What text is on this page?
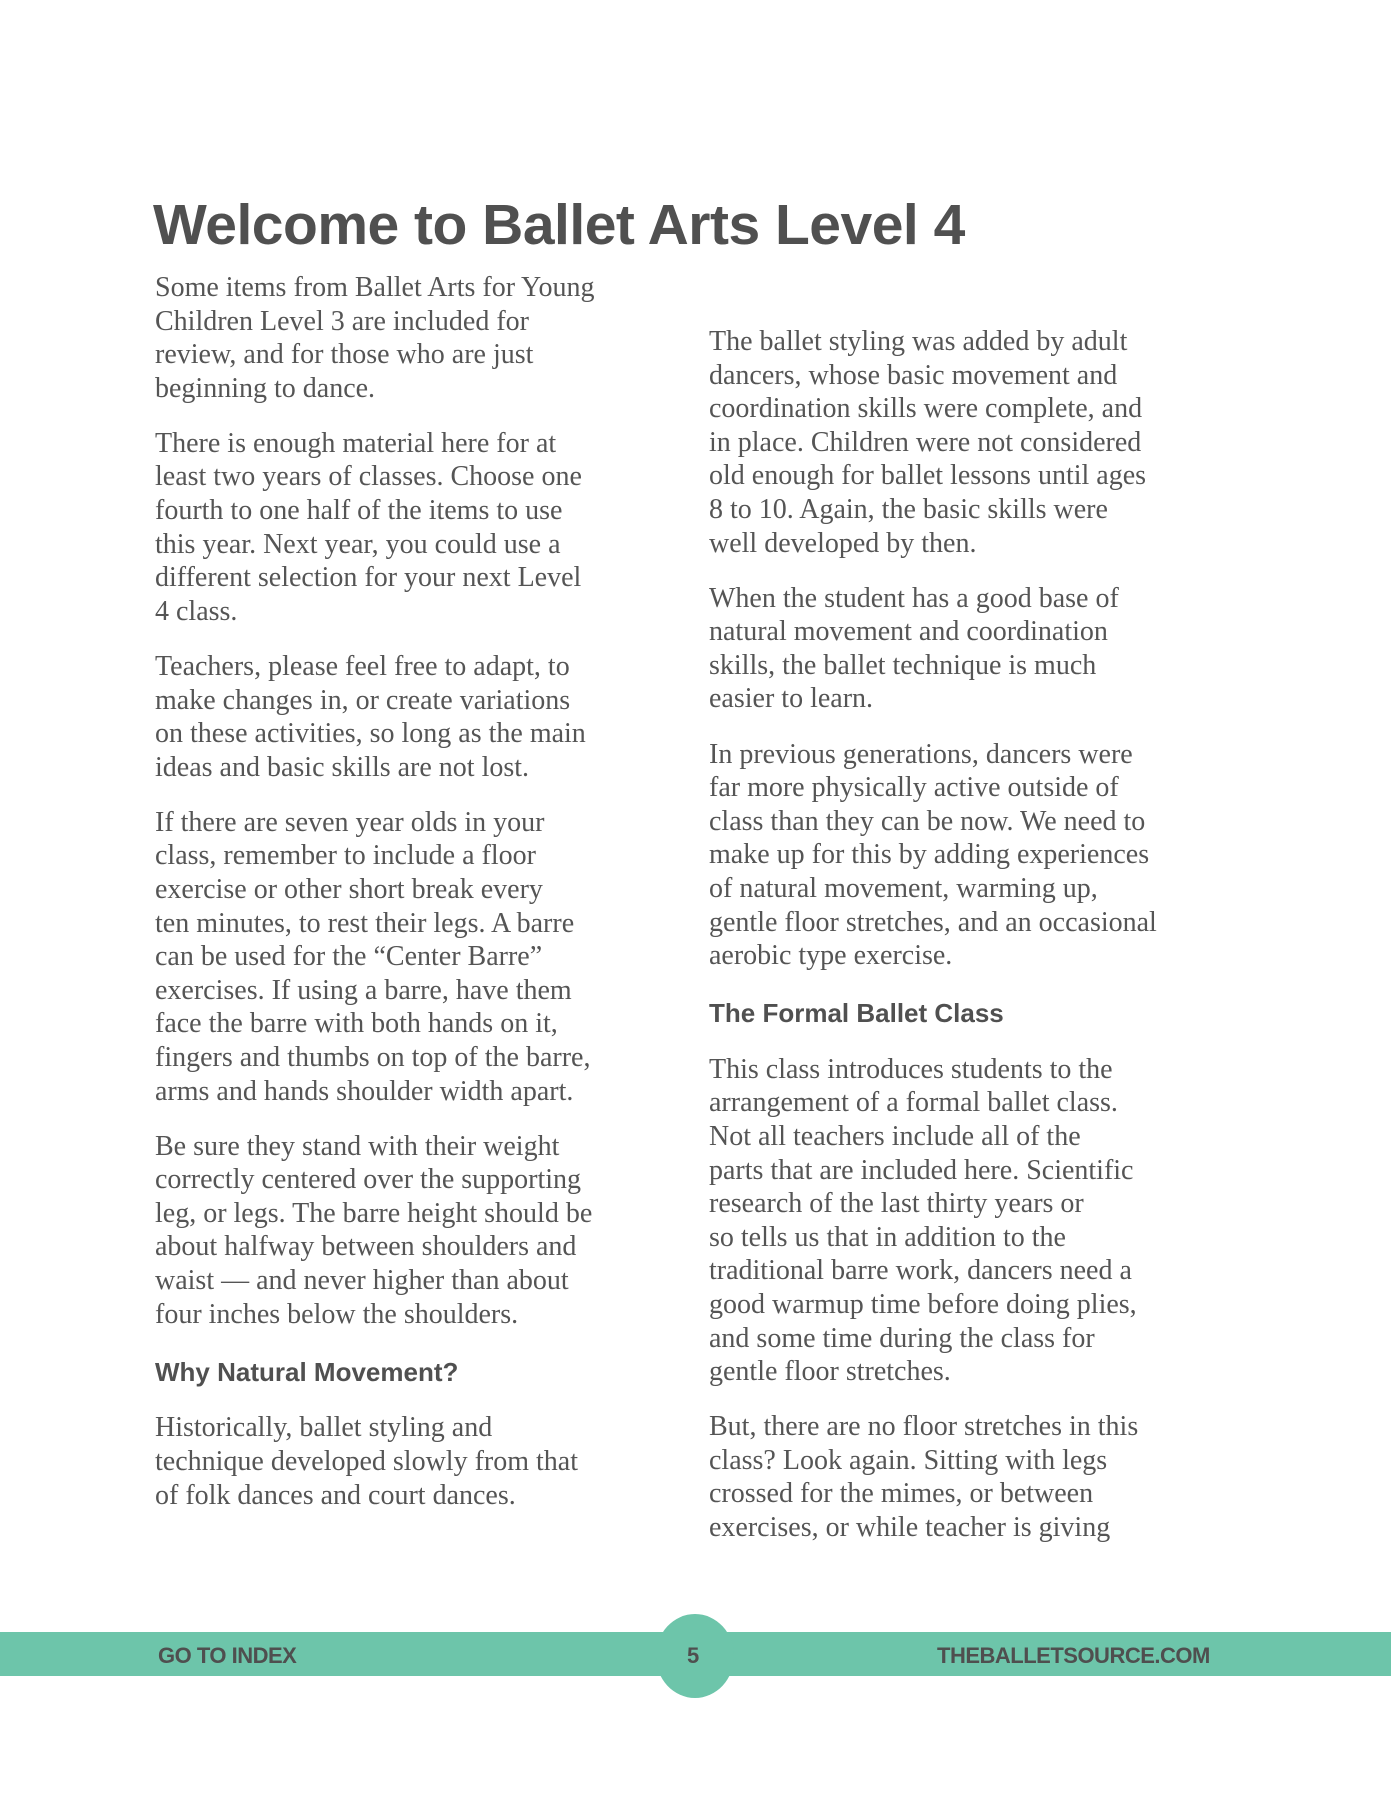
Welcome to Ballet Arts Level 4

Some items from Ballet Arts for Young
Children Level 3 are included for
review, and for those who are just
beginning to dance.

There is enough material here for at
least two years of classes. Choose one
fourth to one half of the items to use
this year. Next year, you could use a
different selection for your next Level
4 class.

Teachers, please feel free to adapt, to
make changes in, or create variations
on these activities, so long as the main
ideas and basic skills are not lost.

If there are seven year olds in your
class, remember to include a floor
exercise or other short break every
ten minutes, to rest their legs. A barre
can be used for the “Center Barre”
exercises. If using a barre, have them
face the barre with both hands on it,
fingers and thumbs on top of the barre,
arms and hands shoulder width apart.

Be sure they stand with their weight
correctly centered over the supporting
leg, or legs. The barre height should be
about halfway between shoulders and
waist — and never higher than about
four inches below the shoulders.

Why Natural Movement?

Historically, ballet styling and
technique developed slowly from that
of folk dances and court dances.

The ballet styling was added by adult
dancers, whose basic movement and
coordination skills were complete, and
in place. Children were not considered
old enough for ballet lessons until ages
8 to 10. Again, the basic skills were
well developed by then.

When the student has a good base of
natural movement and coordination
skills, the ballet technique is much
easier to learn.

In previous generations, dancers were
far more physically active outside of
class than they can be now. We need to
make up for this by adding experiences
of natural movement, warming up,
gentle floor stretches, and an occasional
aerobic type exercise.

The Formal Ballet Class

This class introduces students to the
arrangement of a formal ballet class.
Not all teachers include all of the
parts that are included here. Scientific
research of the last thirty years or
so tells us that in addition to the
traditional barre work, dancers need a
good warmup time before doing plies,
and some time during the class for
gentle floor stretches.

But, there are no floor stretches in this
class? Look again. Sitting with legs
crossed for the mimes, or between
exercises, or while teacher is giving

GO TO INDEX	5	THEBALLETSOURCE.COM
